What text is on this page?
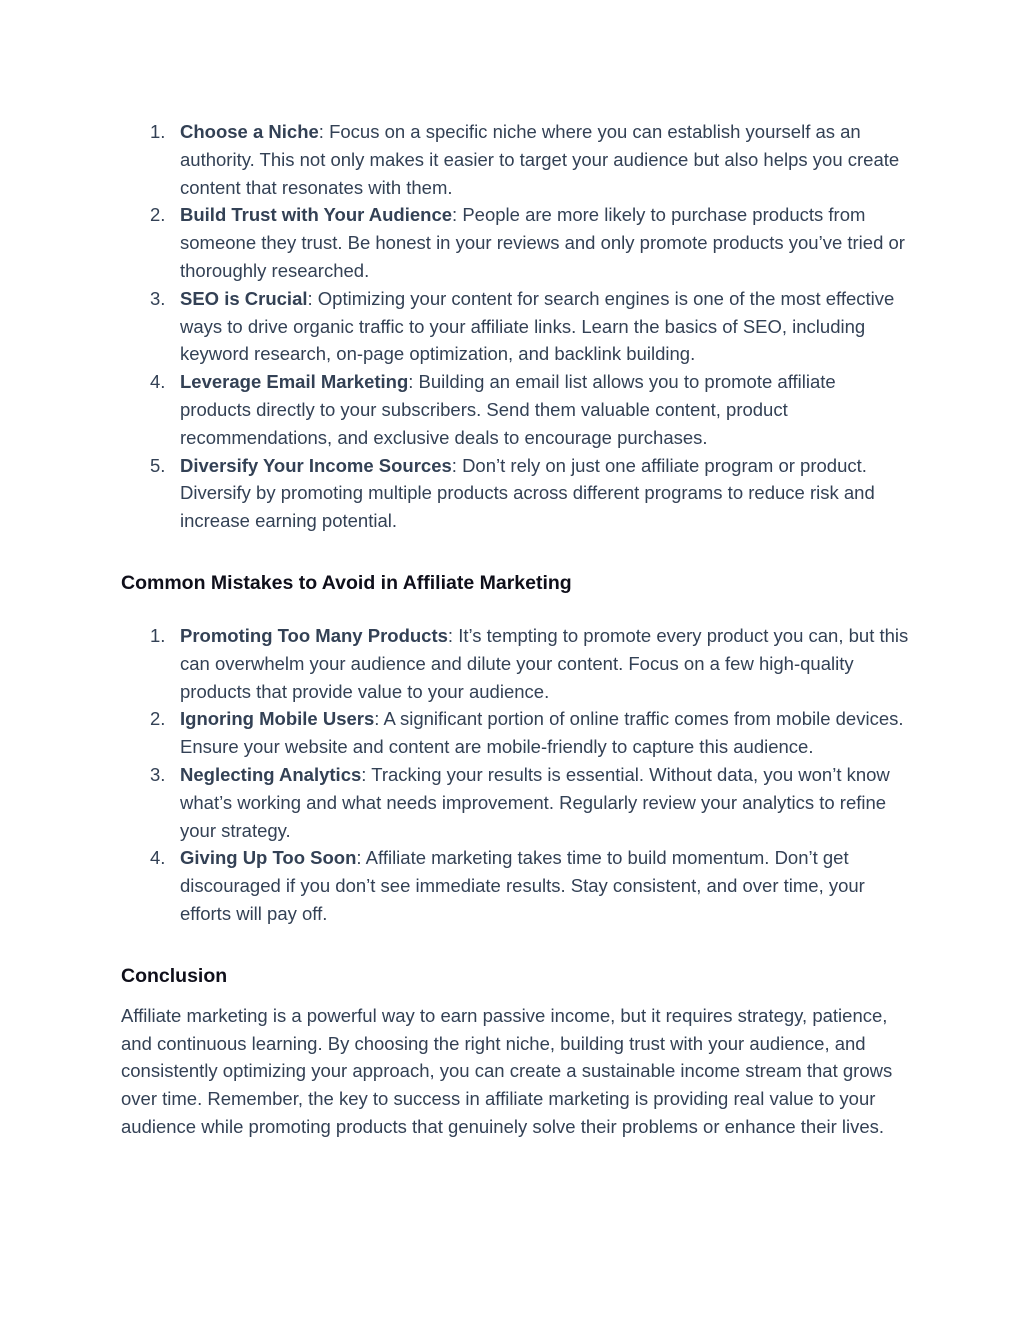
1. Choose a Niche: Focus on a specific niche where you can establish yourself as an authority. This not only makes it easier to target your audience but also helps you create content that resonates with them.
2. Build Trust with Your Audience: People are more likely to purchase products from someone they trust. Be honest in your reviews and only promote products you’ve tried or thoroughly researched.
3. SEO is Crucial: Optimizing your content for search engines is one of the most effective ways to drive organic traffic to your affiliate links. Learn the basics of SEO, including keyword research, on-page optimization, and backlink building.
4. Leverage Email Marketing: Building an email list allows you to promote affiliate products directly to your subscribers. Send them valuable content, product recommendations, and exclusive deals to encourage purchases.
5. Diversify Your Income Sources: Don’t rely on just one affiliate program or product. Diversify by promoting multiple products across different programs to reduce risk and increase earning potential.
Common Mistakes to Avoid in Affiliate Marketing
1. Promoting Too Many Products: It’s tempting to promote every product you can, but this can overwhelm your audience and dilute your content. Focus on a few high-quality products that provide value to your audience.
2. Ignoring Mobile Users: A significant portion of online traffic comes from mobile devices. Ensure your website and content are mobile-friendly to capture this audience.
3. Neglecting Analytics: Tracking your results is essential. Without data, you won’t know what’s working and what needs improvement. Regularly review your analytics to refine your strategy.
4. Giving Up Too Soon: Affiliate marketing takes time to build momentum. Don’t get discouraged if you don’t see immediate results. Stay consistent, and over time, your efforts will pay off.
Conclusion

Affiliate marketing is a powerful way to earn passive income, but it requires strategy, patience, and continuous learning. By choosing the right niche, building trust with your audience, and consistently optimizing your approach, you can create a sustainable income stream that grows over time. Remember, the key to success in affiliate marketing is providing real value to your audience while promoting products that genuinely solve their problems or enhance their lives.
